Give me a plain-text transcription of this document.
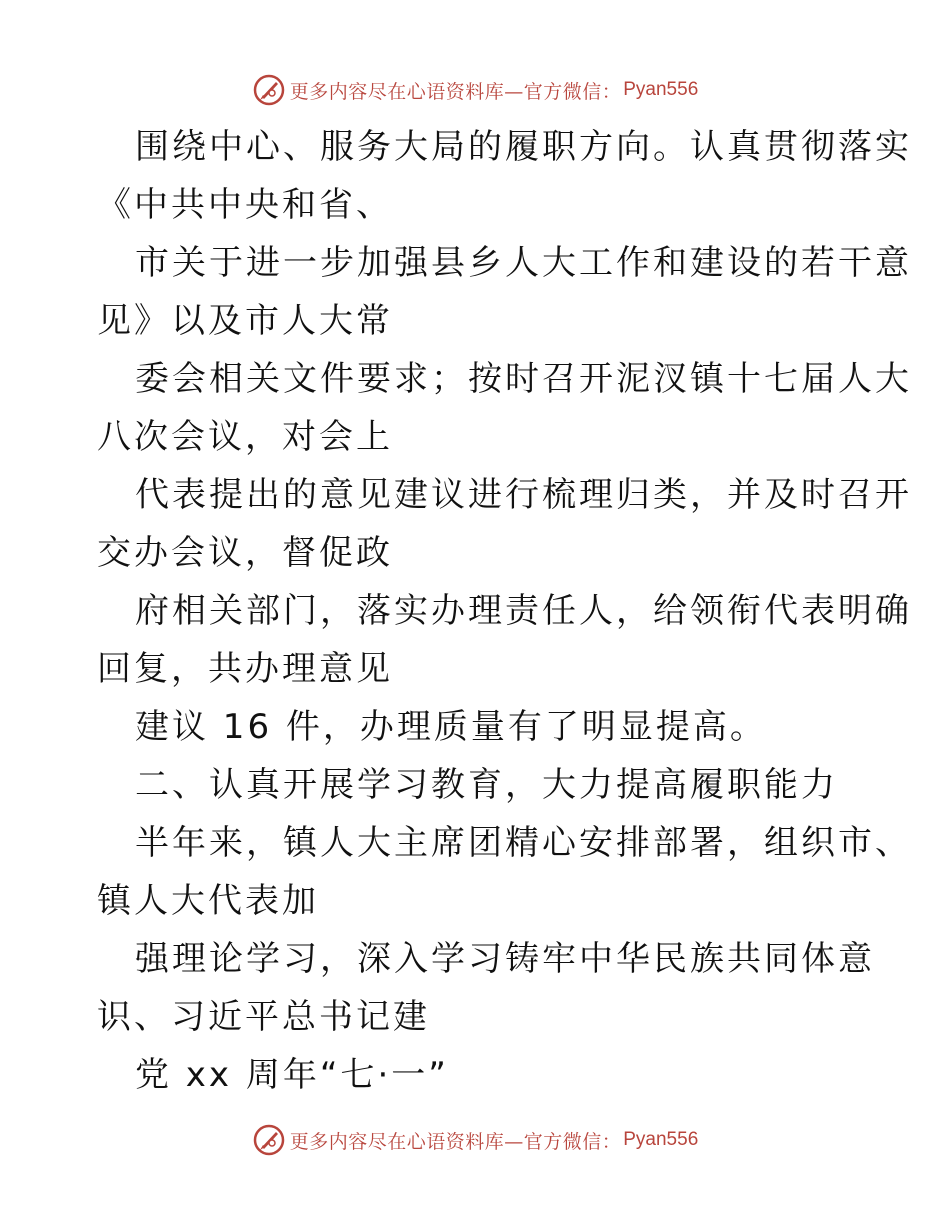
更多内容尽在心语资料库—官方微信： Pyan556
围绕中心、服务大局的履职方向。认真贯彻落实
《中共中央和省、
市关于进一步加强县乡人大工作和建设的若干意
见》以及市人大常
委会相关文件要求；按时召开泥汊镇十七届人大
八次会议，对会上
代表提出的意见建议进行梳理归类，并及时召开
交办会议，督促政
府相关部门，落实办理责任人，给领衔代表明确
回复，共办理意见
建议 16 件，办理质量有了明显提高。
二、认真开展学习教育，大力提高履职能力
半年来，镇人大主席团精心安排部署，组织市、
镇人大代表加
强理论学习，深入学习铸牢中华民族共同体意
识、习近平总书记建
党 xx 周年“七·一”
更多内容尽在心语资料库—官方微信： Pyan556
